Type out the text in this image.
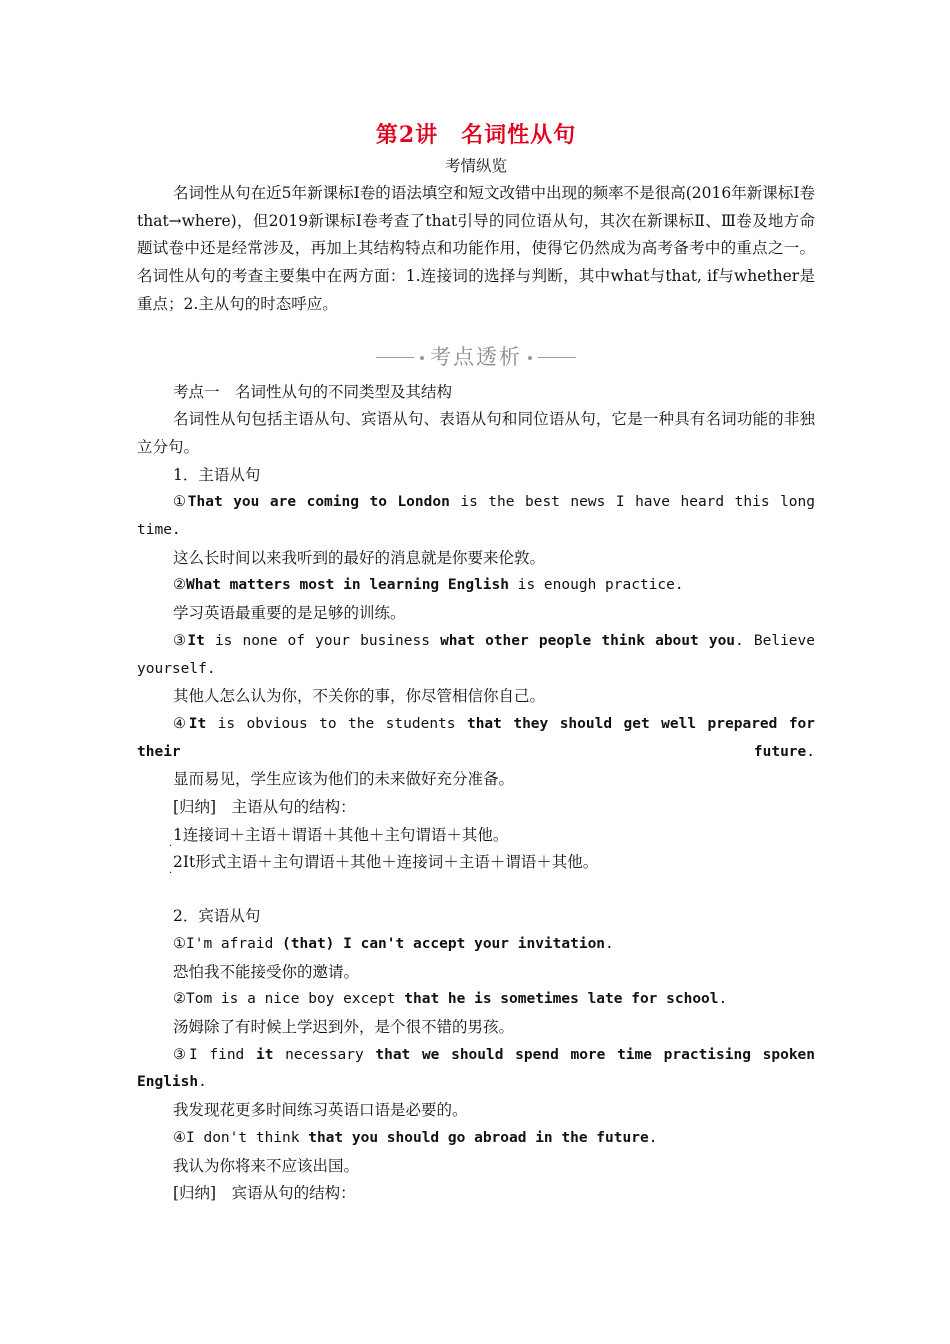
第2讲　名词性从句

考情纵览

名词性从句在近5年新课标Ⅰ卷的语法填空和短文改错中出现的频率不是很高(2016年新课标Ⅰ卷that→where)，但2019新课标Ⅰ卷考查了that引导的同位语从句，其次在新课标Ⅱ、Ⅲ卷及地方命题试卷中还是经常涉及，再加上其结构特点和功能作用，使得它仍然成为高考备考中的重点之一。名词性从句的考查主要集中在两方面：1.连接词的选择与判断，其中what与that, if与whether是重点；2.主从句的时态呼应。

考点透析

考点一　名词性从句的不同类型及其结构

名词性从句包括主语从句、宾语从句、表语从句和同位语从句，它是一种具有名词功能的非独立分句。

1．主语从句

①That you are coming to London is the best news I have heard this long time.

这么长时间以来我听到的最好的消息就是你要来伦敦。

②What matters most in learning English is enough practice.

学习英语最重要的是足够的训练。

③It is none of your business what other people think about you. Believe yourself.

其他人怎么认为你，不关你的事，你尽管相信你自己。

④It is obvious to the students that they should get well prepared for their future.

显而易见，学生应该为他们的未来做好充分准备。

[归纳]　主语从句的结构：

·

1连接词＋主语＋谓语＋其他＋主句谓语＋其他。

·

2It形式主语＋主句谓语＋其他＋连接词＋主语＋谓语＋其他。

2．宾语从句

①I'm afraid (that) I can't accept your invitation.

恐怕我不能接受你的邀请。

②Tom is a nice boy except that he is sometimes late for school.

汤姆除了有时候上学迟到外，是个很不错的男孩。

③I find it necessary that we should spend more time practising spoken English.

我发现花更多时间练习英语口语是必要的。

④I don't think that you should go abroad in the future.

我认为你将来不应该出国。

[归纳]　宾语从句的结构：
